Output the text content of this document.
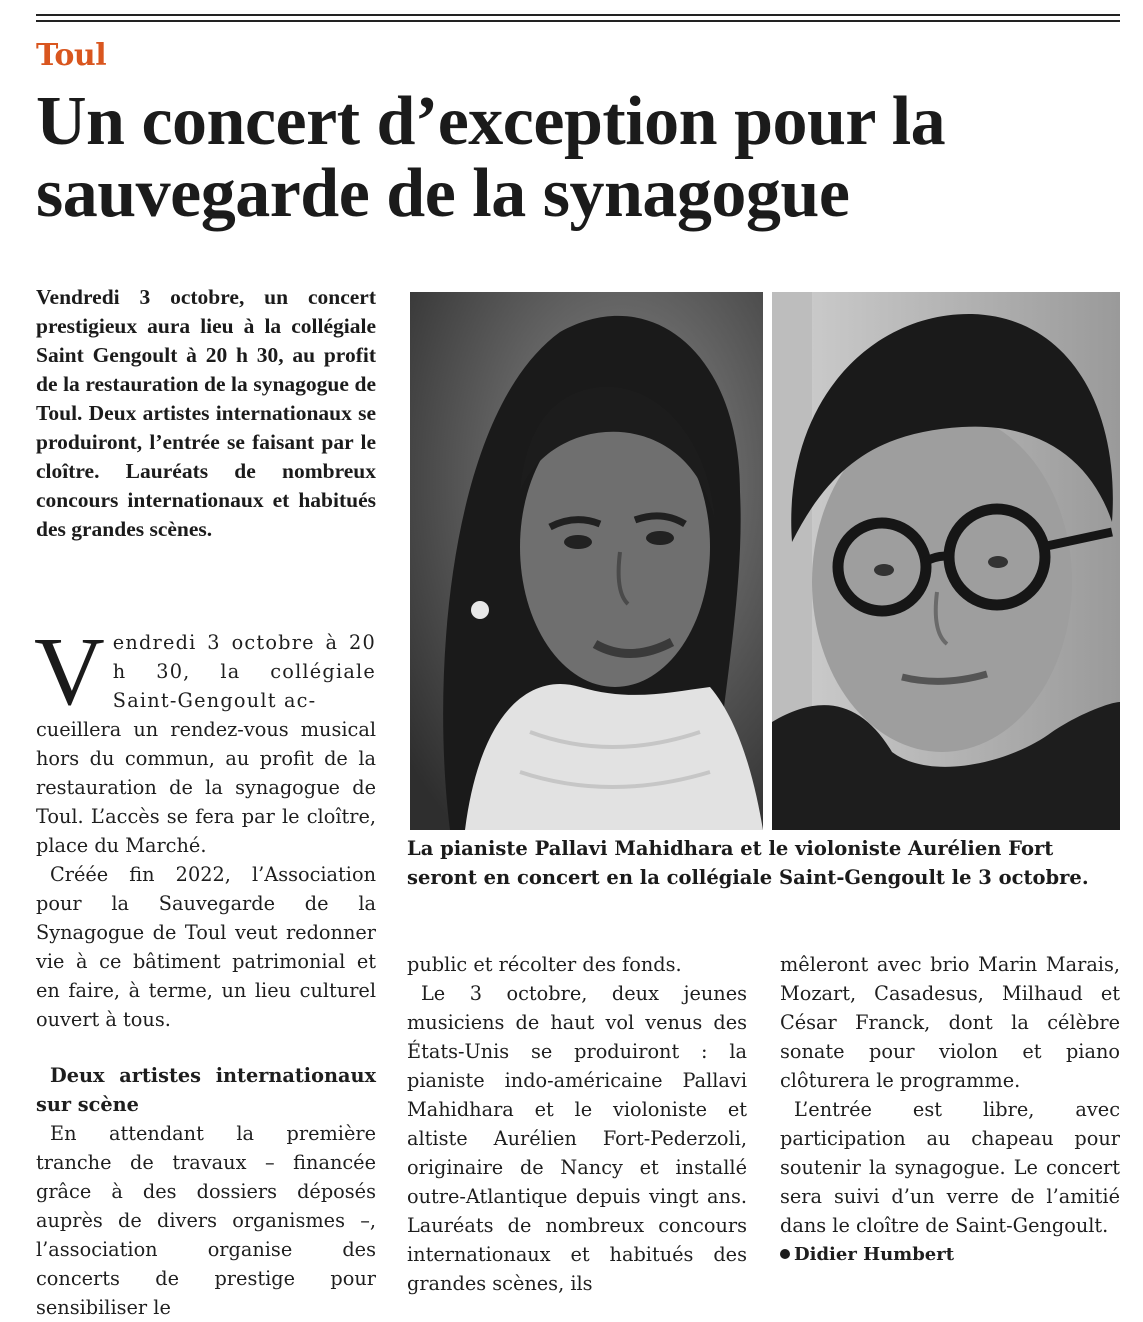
Toul
Un concert d’exception pour la sauvegarde de la synagogue

Vendredi 3 octobre, un concert prestigieux aura lieu à la collégiale Saint Gengoult à 20 h 30, au profit de la restauration de la synagogue de Toul. Deux artistes internationaux se produiront, l’entrée se faisant par le cloître. Lauréats de nombreux concours internationaux et habitués des grandes scènes.

V endredi 3 octobre à 20 h 30, la collégiale Saint-Gengoult ac-

cueillera un rendez-vous musical hors du commun, au profit de la restauration de la synagogue de Toul. L’accès se fera par le cloître, place du Marché.

Créée fin 2022, l’Association pour la Sauvegarde de la Synagogue de Toul veut redonner vie à ce bâtiment patrimonial et en faire, à terme, un lieu culturel ouvert à tous.

Deux artistes internationaux sur scène

En attendant la première tranche de travaux – financée grâce à des dossiers déposés auprès de divers organismes –, l’association organise des concerts de prestige pour sensibiliser le

La pianiste Pallavi Mahidhara et le violoniste Aurélien Fort seront en concert en la collégiale Saint-Gengoult le 3 octobre.

public et récolter des fonds.

Le 3 octobre, deux jeunes musiciens de haut vol venus des États-Unis se produiront : la pianiste indo-américaine Pallavi Mahidhara et le violoniste et altiste Aurélien Fort-Pederzoli, originaire de Nancy et installé outre-Atlantique depuis vingt ans. Lauréats de nombreux concours internationaux et habitués des grandes scènes, ils

mêleront avec brio Marin Marais, Mozart, Casadesus, Milhaud et César Franck, dont la célèbre sonate pour violon et piano clôturera le programme.

L’entrée est libre, avec participation au chapeau pour soutenir la synagogue. Le concert sera suivi d’un verre de l’amitié dans le cloître de Saint-Gengoult.

Didier Humbert
